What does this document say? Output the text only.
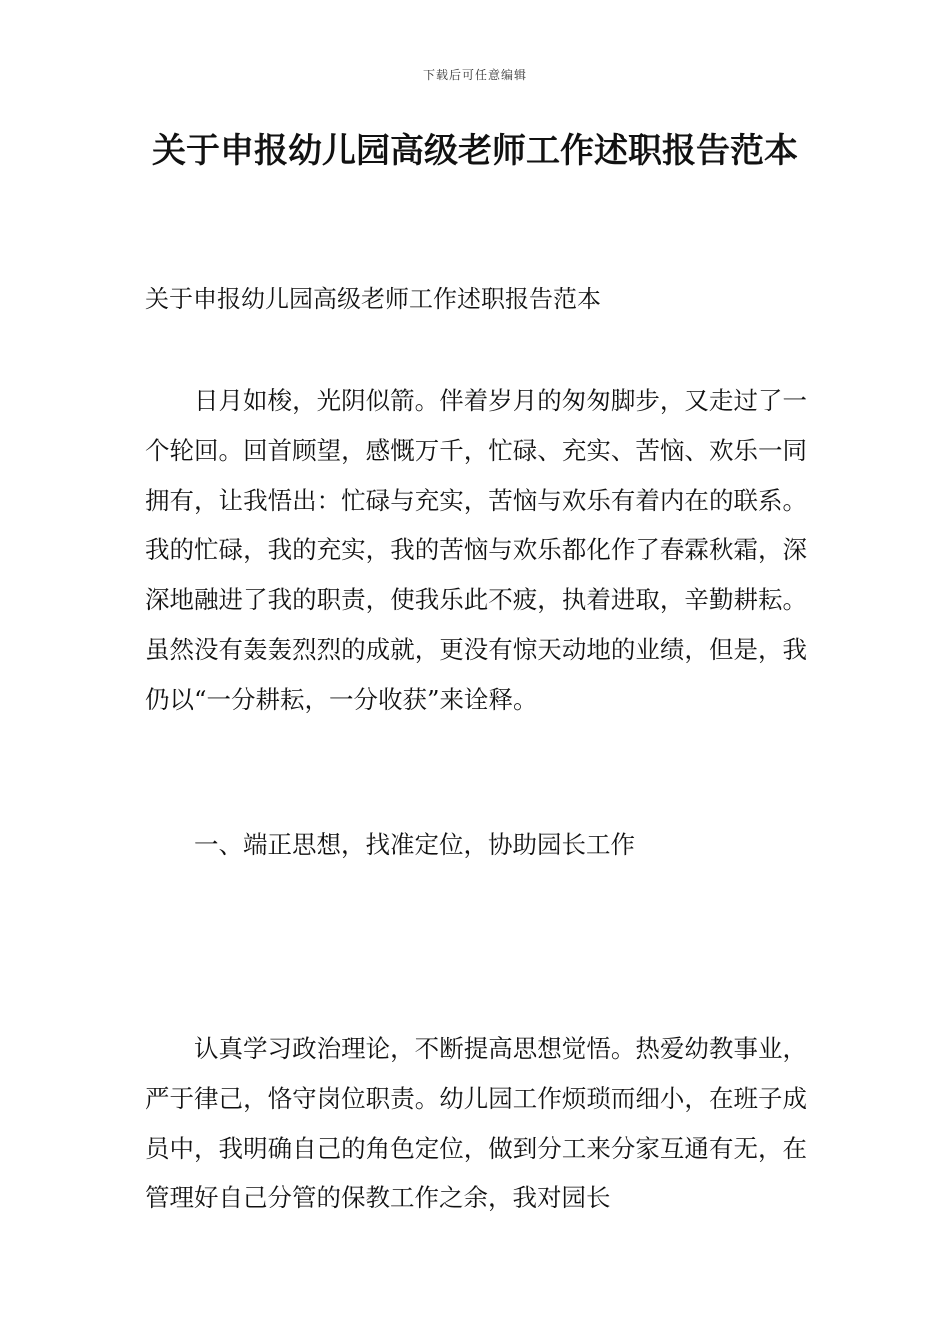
下载后可任意编辑
关于申报幼儿园高级老师工作述职报告范本

关于申报幼儿园高级老师工作述职报告范本

日月如梭，光阴似箭。伴着岁月的匆匆脚步，又走过了一个轮回。回首顾望，感慨万千，忙碌、充实、苦恼、欢乐一同拥有，让我悟出：忙碌与充实，苦恼与欢乐有着内在的联系。我的忙碌，我的充实，我的苦恼与欢乐都化作了春霖秋霜，深深地融进了我的职责，使我乐此不疲，执着进取，辛勤耕耘。虽然没有轰轰烈烈的成就，更没有惊天动地的业绩，但是，我仍以“一分耕耘，一分收获”来诠释。

一、端正思想，找准定位，协助园长工作

认真学习政治理论，不断提高思想觉悟。热爱幼教事业，严于律己，恪守岗位职责。幼儿园工作烦琐而细小，在班子成员中，我明确自己的角色定位，做到分工来分家互通有无，在管理好自己分管的保教工作之余，我对园长
